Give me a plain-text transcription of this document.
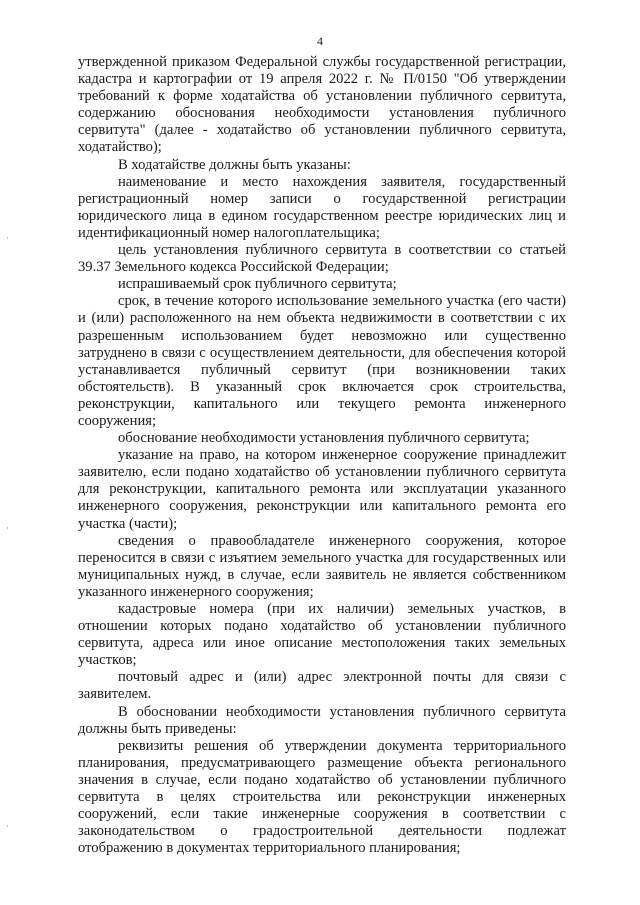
4
·
·
·

утвержденной приказом Федеральной службы государственной регистрации, кадастра и картографии от 19 апреля 2022 г. № П/0150 "Об утверждении требований к форме ходатайства об установлении публичного сервитута, содержанию обоснования необходимости установления публичного сервитута" (далее - ходатайство об установлении публичного сервитута, ходатайство);

В ходатайстве должны быть указаны:

наименование и место нахождения заявителя, государственный регистрационный номер записи о государственной регистрации юридического лица в едином государственном реестре юридических лиц и идентификационный номер налогоплательщика;

цель установления публичного сервитута в соответствии со статьей 39.37 Земельного кодекса Российской Федерации;

испрашиваемый срок публичного сервитута;

срок, в течение которого использование земельного участка (его части) и (или) расположенного на нем объекта недвижимости в соответствии с их разрешенным использованием будет невозможно или существенно затруднено в связи с осуществлением деятельности, для обеспечения которой устанавливается публичный сервитут (при возникновении таких обстоятельств). В указанный срок включается срок строительства, реконструкции, капитального или текущего ремонта инженерного сооружения;

обоснование необходимости установления публичного сервитута;

указание на право, на котором инженерное сооружение принадлежит заявителю, если подано ходатайство об установлении публичного сервитута для реконструкции, капитального ремонта или эксплуатации указанного инженерного сооружения, реконструкции или капитального ремонта его участка (части);

сведения о правообладателе инженерного сооружения, которое переносится в связи с изъятием земельного участка для государственных или муниципальных нужд, в случае, если заявитель не является собственником указанного инженерного сооружения;

кадастровые номера (при их наличии) земельных участков, в отношении которых подано ходатайство об установлении публичного сервитута, адреса или иное описание местоположения таких земельных участков;

почтовый адрес и (или) адрес электронной почты для связи с заявителем.

В обосновании необходимости установления публичного сервитута должны быть приведены:

реквизиты решения об утверждении документа территориального планирования, предусматривающего размещение объекта регионального значения в случае, если подано ходатайство об установлении публичного сервитута в целях строительства или реконструкции инженерных сооружений, если такие инженерные сооружения в соответствии с законодательством о градостроительной деятельности подлежат отображению в документах территориального планирования;
